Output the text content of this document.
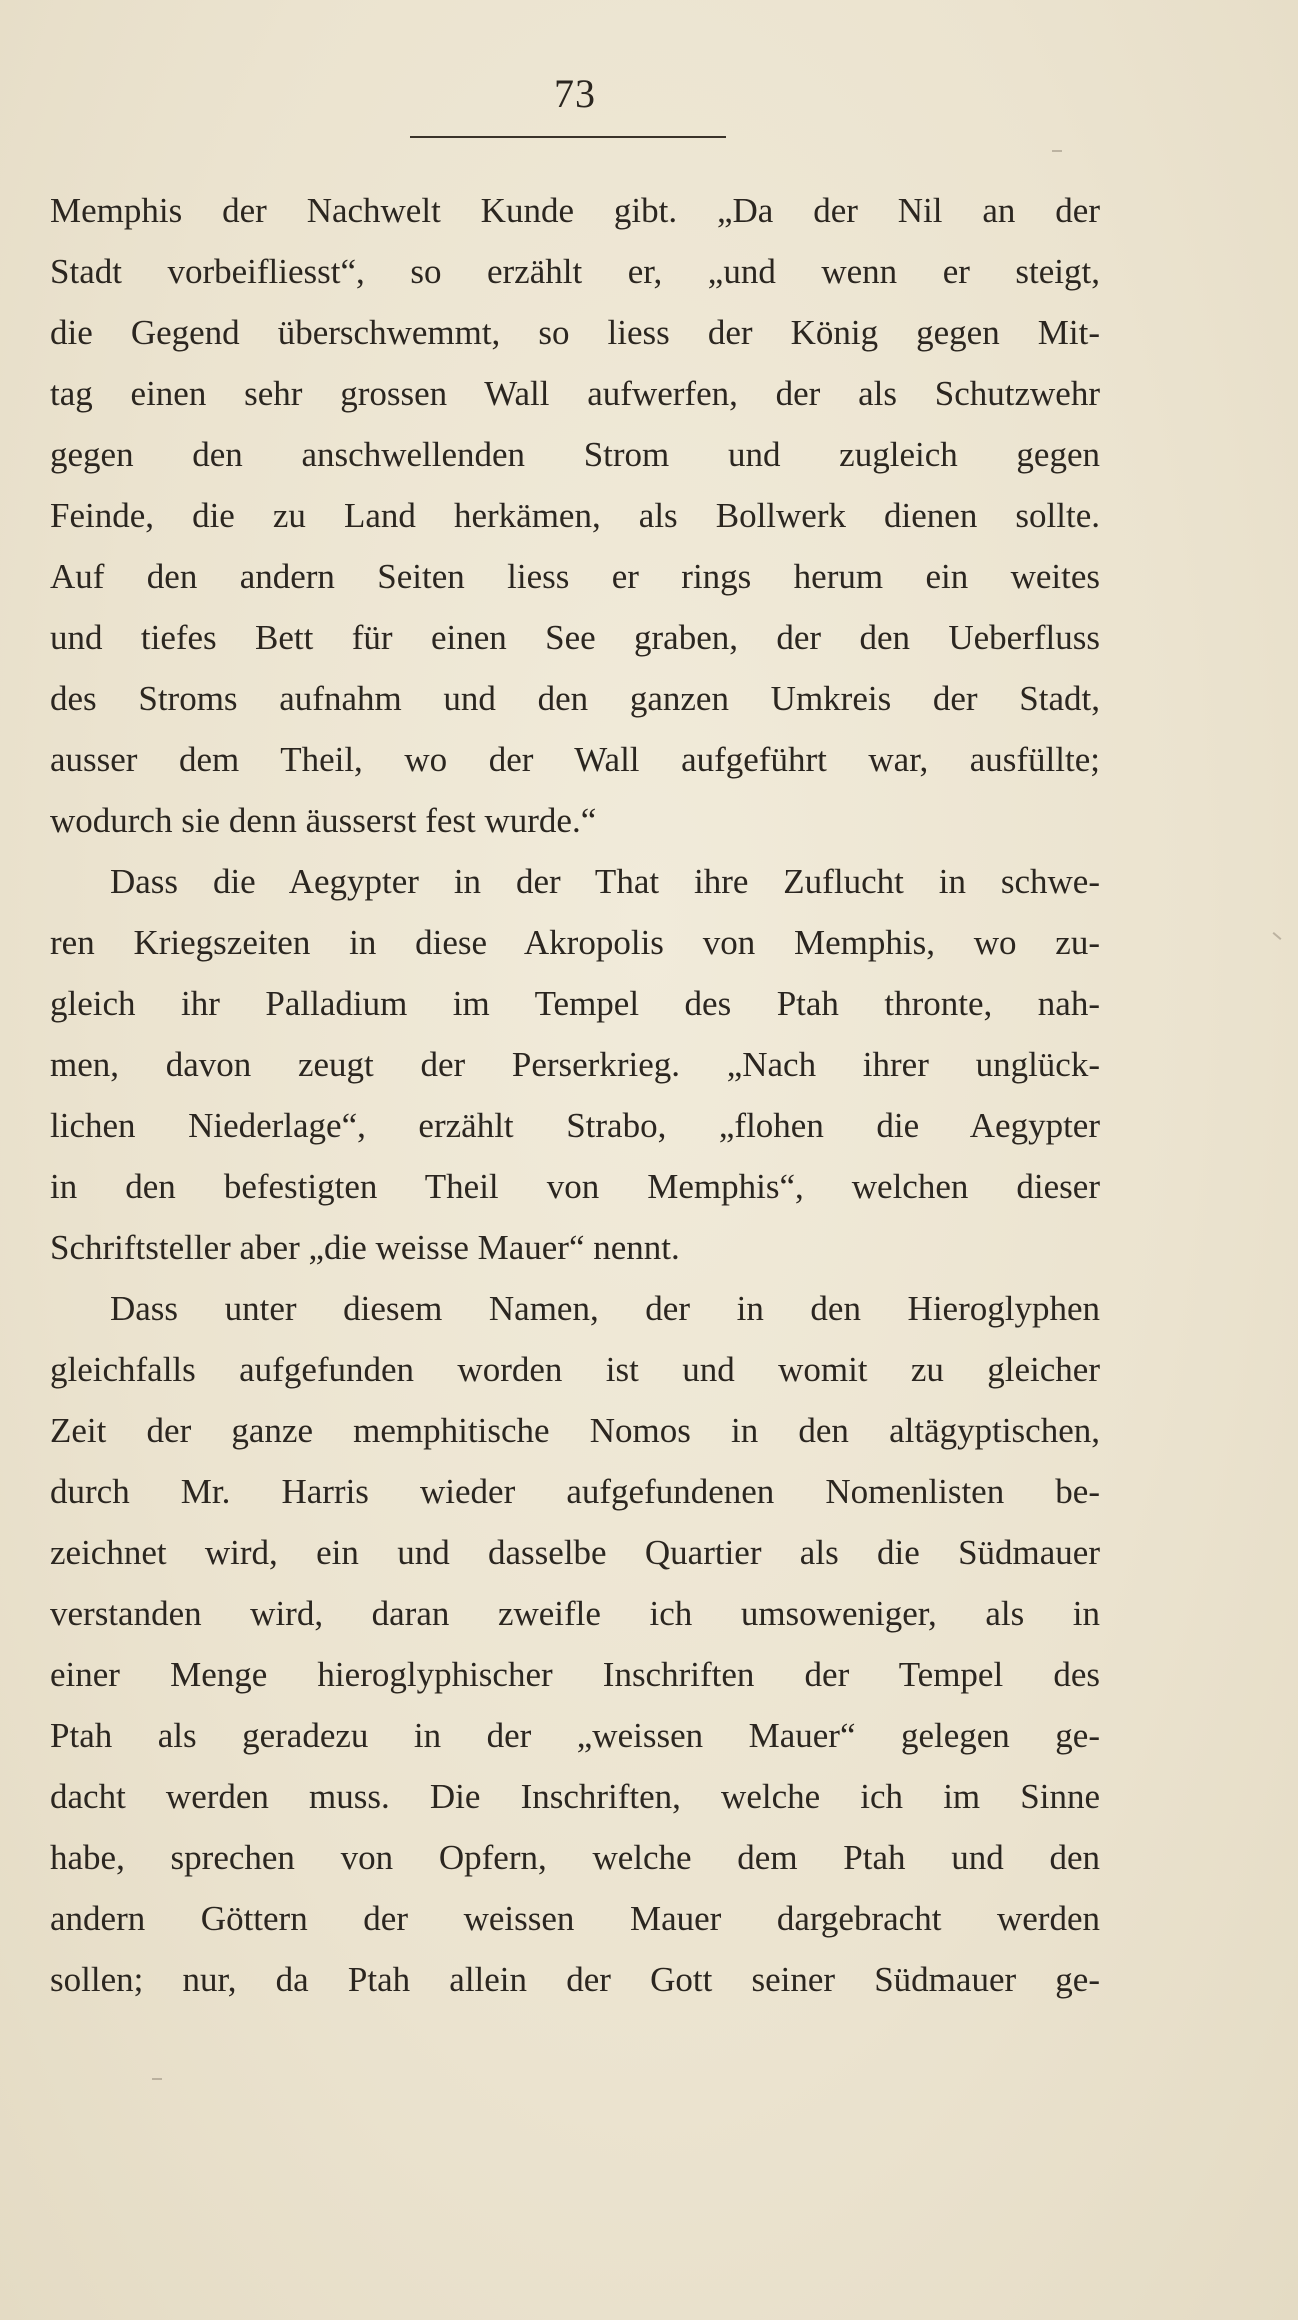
73
Memphis der Nachwelt Kunde gibt. „Da der Nil an der
Stadt vorbeifliesst“, so erzählt er, „und wenn er steigt,
die Gegend überschwemmt, so liess der König gegen Mit-
tag einen sehr grossen Wall aufwerfen, der als Schutzwehr
gegen den anschwellenden Strom und zugleich gegen
Feinde, die zu Land herkämen, als Bollwerk dienen sollte.
Auf den andern Seiten liess er rings herum ein weites
und tiefes Bett für einen See graben, der den Ueberfluss
des Stroms aufnahm und den ganzen Umkreis der Stadt,
ausser dem Theil, wo der Wall aufgeführt war, ausfüllte;
wodurch sie denn äusserst fest wurde.“
Dass die Aegypter in der That ihre Zuflucht in schwe-
ren Kriegszeiten in diese Akropolis von Memphis, wo zu-
gleich ihr Palladium im Tempel des Ptah thronte, nah-
men, davon zeugt der Perserkrieg. „Nach ihrer unglück-
lichen Niederlage“, erzählt Strabo, „flohen die Aegypter
in den befestigten Theil von Memphis“, welchen dieser
Schriftsteller aber „die weisse Mauer“ nennt.
Dass unter diesem Namen, der in den Hieroglyphen
gleichfalls aufgefunden worden ist und womit zu gleicher
Zeit der ganze memphitische Nomos in den altägyptischen,
durch Mr. Harris wieder aufgefundenen Nomenlisten be-
zeichnet wird, ein und dasselbe Quartier als die Südmauer
verstanden wird, daran zweifle ich umsoweniger, als in
einer Menge hieroglyphischer Inschriften der Tempel des
Ptah als geradezu in der „weissen Mauer“ gelegen ge-
dacht werden muss. Die Inschriften, welche ich im Sinne
habe, sprechen von Opfern, welche dem Ptah und den
andern Göttern der weissen Mauer dargebracht werden
sollen; nur, da Ptah allein der Gott seiner Südmauer ge-
